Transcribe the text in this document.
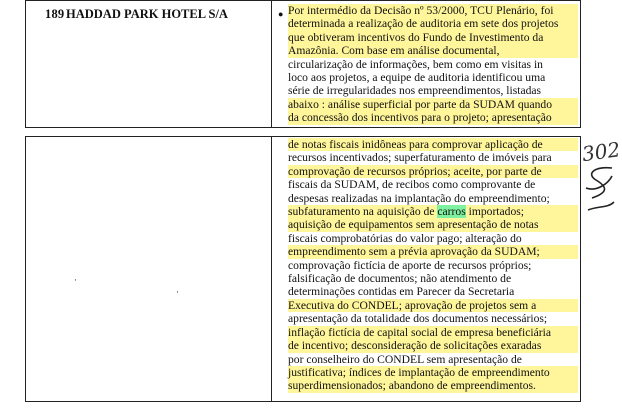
189 HADDAD PARK HOTEL S/A	● Por intermédio da Decisão nº 53/2000, TCU Plenário, foi
determinada a realização de auditoria em sete dos projetos
que obtiveram incentivos do Fundo de Investimento da
Amazônia. Com base em análise documental,
circularização de informações, bem como em visitas in
loco aos projetos, a equipe de auditoria identificou uma
série de irregularidades nos empreendimentos, listadas
abaixo : análise superficial por parte da SUDAM quando
da concessão dos incentivos para o projeto; apresentação
·
·
de notas fiscais inidôneas para comprovar aplicação de
recursos incentivados; superfaturamento de imóveis para
comprovação de recursos próprios; aceite, por parte de
fiscais da SUDAM, de recibos como comprovante de
despesas realizadas na implantação do empreendimento;
subfaturamento na aquisição de carros importados;
aquisição de equipamentos sem apresentação de notas
fiscais comprobatórias do valor pago; alteração do
empreendimento sem a prévia aprovação da SUDAM;
comprovação fictícia de aporte de recursos próprios;
falsificação de documentos; não atendimento de
determinações contidas em Parecer da Secretaria
Executiva do CONDEL; aprovação de projetos sem a
apresentação da totalidade dos documentos necessários;
inflação fictícia de capital social de empresa beneficiária
de incentivo; desconsideração de solicitações exaradas
por conselheiro do CONDEL sem apresentação de
justificativa; índices de implantação de empreendimento
superdimensionados; abandono de empreendimentos.
302
